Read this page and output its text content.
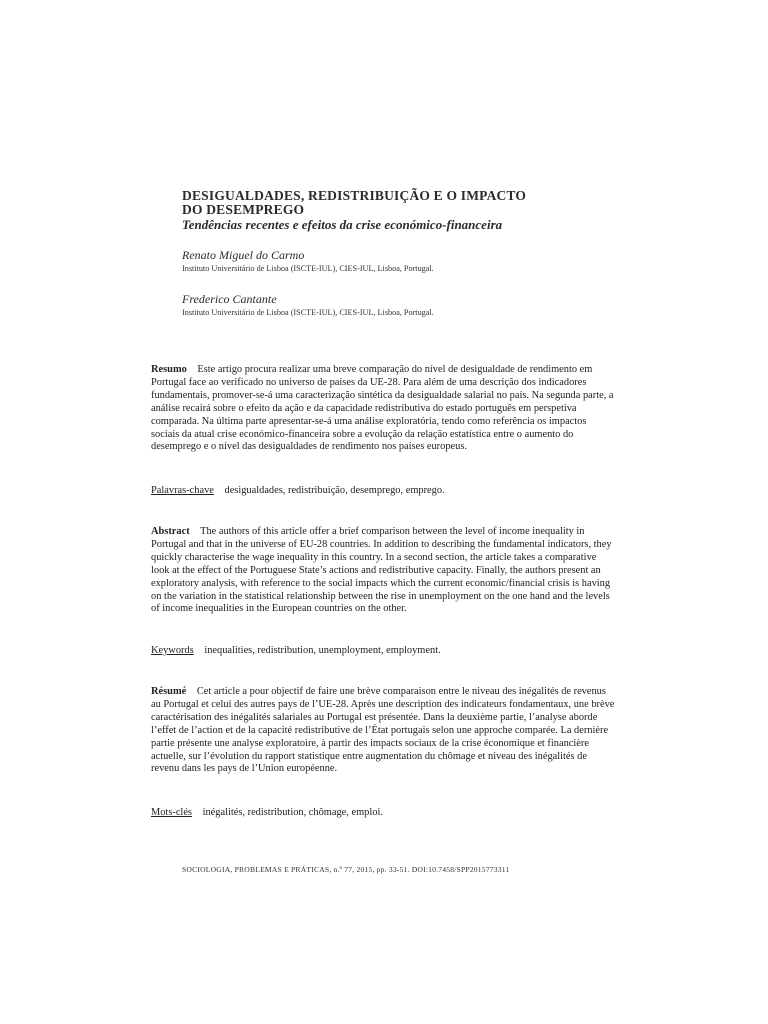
DESIGUALDADES, REDISTRIBUIÇÃO E O IMPACTO

DO DESEMPREGO

Tendências recentes e efeitos da crise económico-financeira

Renato Miguel do Carmo

Instituto Universitário de Lisboa (ISCTE-IUL), CIES-IUL, Lisboa, Portugal.

Frederico Cantante

Instituto Universitário de Lisboa (ISCTE-IUL), CIES-IUL, Lisboa, Portugal.

Resumo Este artigo procura realizar uma breve comparação do nível de desigualdade de rendimento em Portugal face ao verificado no universo de países da UE-28. Para além de uma descrição dos indicadores fundamentais, promover-se-á uma caracterização sintética da desigualdade salarial no país. Na segunda parte, a análise recairá sobre o efeito da ação e da capacidade redistributiva do estado português em perspetiva comparada. Na última parte apresentar-se-á uma análise exploratória, tendo como referência os impactos sociais da atual crise económico-financeira sobre a evolução da relação estatística entre o aumento do desemprego e o nível das desigualdades de rendimento nos países europeus.
Palavras-chave desigualdades, redistribuição, desemprego, emprego.
Abstract The authors of this article offer a brief comparison between the level of income inequality in Portugal and that in the universe of EU-28 countries. In addition to describing the fundamental indicators, they quickly characterise the wage inequality in this country. In a second section, the article takes a comparative look at the effect of the Portuguese State’s actions and redistributive capacity. Finally, the authors present an exploratory analysis, with reference to the social impacts which the current economic/financial crisis is having on the variation in the statistical relationship between the rise in unemployment on the one hand and the levels of income inequalities in the European countries on the other.
Keywords inequalities, redistribution, unemployment, employment.
Résumé Cet article a pour objectif de faire une brève comparaison entre le niveau des inégalités de revenus au Portugal et celui des autres pays de l’UE-28. Après une description des indicateurs fondamentaux, une brève caractérisation des inégalités salariales au Portugal est présentée. Dans la deuxième partie, l’analyse aborde l’effet de l’action et de la capacité redistributive de l’État portugais selon une approche comparée. La dernière partie présente une analyse exploratoire, à partir des impacts sociaux de la crise économique et financière actuelle, sur l’évolution du rapport statistique entre augmentation du chômage et niveau des inégalités de revenu dans les pays de l’Union européenne.
Mots-clés inégalités, redistribution, chômage, emploi.
SOCIOLOGIA, PROBLEMAS E PRÁTICAS, n.º 77, 2015, pp. 33-51. DOI:10.7458/SPP2015773311
